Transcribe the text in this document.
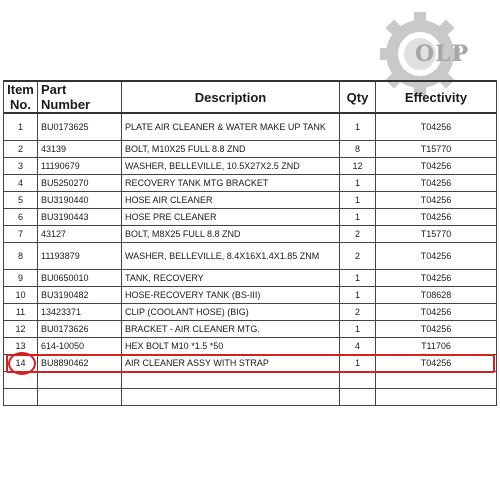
OLP
Item No.	Part Number	Description	Qty	Effectivity
1	BU0173625	PLATE AIR CLEANER & WATER MAKE UP TANK	1	T04256
2	43139	BOLT, M10X25 FULL 8.8 ZND	8	T15770
3	11190679	WASHER, BELLEVILLE, 10.5X27X2.5 ZND	12	T04256
4	BU5250270	RECOVERY TANK MTG BRACKET	1	T04256
5	BU3190440	HOSE AIR CLEANER	1	T04256
6	BU3190443	HOSE PRE CLEANER	1	T04256
7	43127	BOLT, M8X25 FULL 8.8 ZND	2	T15770
8	11193879	WASHER, BELLEVILLE, 8.4X16X1.4X1.85 ZNM	2	T04256
9	BU0650010	TANK, RECOVERY	1	T04256
10	BU3190482	HOSE-RECOVERY TANK (BS-III)	1	T08628
11	13423371	CLIP (COOLANT HOSE) (BIG)	2	T04256
12	BU0173626	BRACKET - AIR CLEANER MTG.	1	T04256
13	614-10050	HEX BOLT M10 *1.5 *50	4	T11706
14	BU8890462	AIR CLEANER ASSY WITH STRAP	1	T04256
